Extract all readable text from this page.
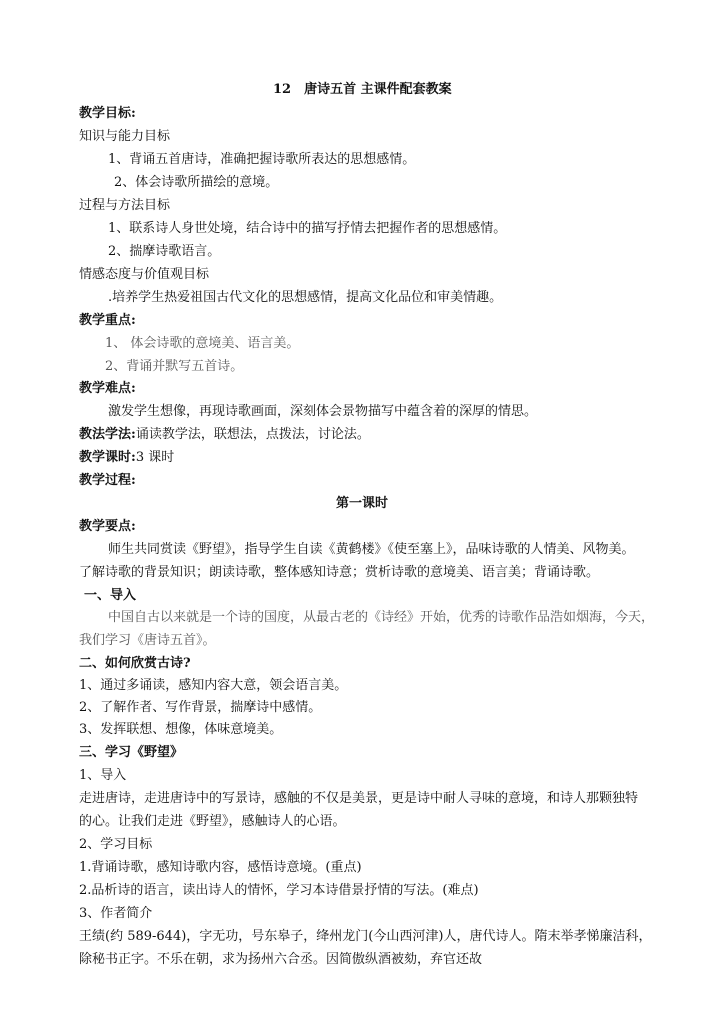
12　唐诗五首 主课件配套教案
教学目标:
知识与能力目标
1、背诵五首唐诗，准确把握诗歌所表达的思想感情。
2、体会诗歌所描绘的意境。
过程与方法目标
1、联系诗人身世处境，结合诗中的描写抒情去把握作者的思想感情。
2、揣摩诗歌语言。
情感态度与价值观目标
.培养学生热爱祖国古代文化的思想感情，提高文化品位和审美情趣。
教学重点:
1、 体会诗歌的意境美、语言美。
2、背诵并默写五首诗。
教学难点:
激发学生想像，再现诗歌画面，深刻体会景物描写中蕴含着的深厚的情思。
教法学法:诵读教学法，联想法，点拨法，讨论法。
教学课时:3 课时
教学过程:
第一课时
教学要点:
师生共同赏读《野望》，指导学生自读《黄鹤楼》《使至塞上》，品味诗歌的人情美、风物美。
了解诗歌的背景知识；朗读诗歌，整体感知诗意；赏析诗歌的意境美、语言美；背诵诗歌。
一、导入
中国自古以来就是一个诗的国度，从最古老的《诗经》开始，优秀的诗歌作品浩如烟海，今天，
我们学习《唐诗五首》。
二、如何欣赏古诗?
1、通过多诵读，感知内容大意，领会语言美。
2、了解作者、写作背景，揣摩诗中感情。
3、发挥联想、想像，体味意境美。
三、学习《野望》
1、导入
走进唐诗，走进唐诗中的写景诗，感触的不仅是美景，更是诗中耐人寻味的意境，和诗人那颗独特
的心。让我们走进《野望》，感触诗人的心语。
2、学习目标
1.背诵诗歌，感知诗歌内容，感悟诗意境。(重点)
2.品析诗的语言，读出诗人的情怀，学习本诗借景抒情的写法。(难点)
3、作者简介
王绩(约 589-644)，字无功，号东皋子，绛州龙门(今山西河津)人，唐代诗人。隋末举孝悌廉洁科，
除秘书正字。不乐在朝，求为扬州六合丞。因简傲纵酒被劾，弃官还故
